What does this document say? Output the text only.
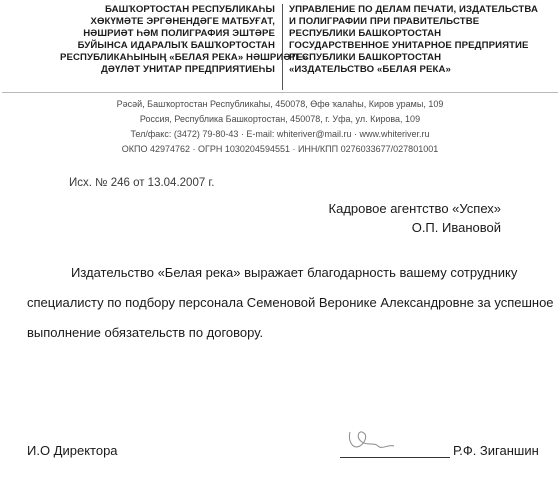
БАШҠОРТОСТАН РЕСПУБЛИКАҺЫ
ХӨКҮМӘТЕ ЭРГӘНЕНДӘГЕ МАТБУҒАТ,
НӘШРИӘТ ҺӘМ ПОЛИГРАФИЯ ЭШТӘРЕ
БУЙЫНСА ИДАРАЛЫҠ БАШҠОРТОСТАН
РЕСПУБЛИКАҺЫНЫҢ «БЕЛАЯ РЕКА» НӘШРИӘТЕ»
ДӘҮЛӘТ УНИТАР ПРЕДПРИЯТИЕҺЫ
УПРАВЛЕНИЕ ПО ДЕЛАМ ПЕЧАТИ, ИЗДАТЕЛЬСТВА
И ПОЛИГРАФИИ ПРИ ПРАВИТЕЛЬСТВЕ
РЕСПУБЛИКИ БАШКОРТОСТАН
ГОСУДАРСТВЕННОЕ УНИТАРНОЕ ПРЕДПРИЯТИЕ
РЕСПУБЛИКИ БАШКОРТОСТАН
«ИЗДАТЕЛЬСТВО «БЕЛАЯ РЕКА»
Рәсәй, Башҡортостан Республикаһы, 450078, Өфө ҡалаһы, Киров урамы, 109
Россия, Республика Башкортостан, 450078, г. Уфа, ул. Кирова, 109
Тел/факс: (3472) 79-80-43 · E-mail: whiteriver@mail.ru · www.whiteriver.ru
ОКПО 42974762 · ОГРН 1030204594551 · ИНН/КПП 0276033677/027801001
Исх. № 246 от 13.04.2007 г.
Кадровое агентство «Успех»
О.П. Ивановой
Издательство «Белая река» выражает благодарность вашему сотруднику
специалисту по подбору персонала Семеновой Веронике Александровне за успешное
выполнение обязательств по договору.
И.О Директора	Р.Ф. Зиганшин
